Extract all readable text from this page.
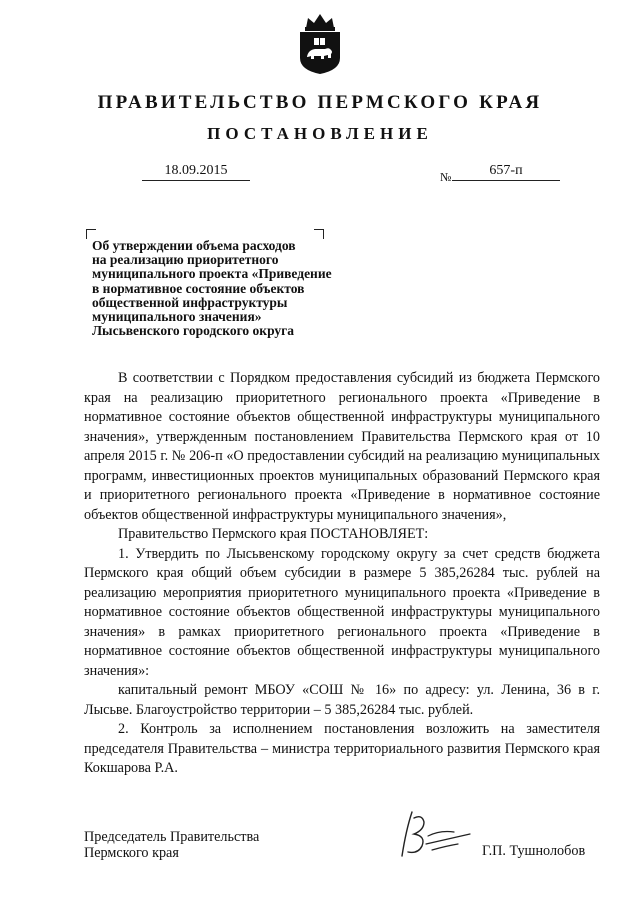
ПРАВИТЕЛЬСТВО ПЕРМСКОГО КРАЯ
ПОСТАНОВЛЕНИЕ
18.09.2015	№	657-п
Об утверждении объема расходов
на реализацию приоритетного
муниципального проекта «Приведение
в нормативное состояние объектов
общественной инфраструктуры
муниципального значения»
Лысьвенского городского округа

В соответствии с Порядком предоставления субсидий из бюджета Пермского края на реализацию приоритетного регионального проекта «Приведение в нормативное состояние объектов общественной инфраструктуры муниципального значения», утвержденным постановлением Правительства Пермского края от 10 апреля 2015 г. № 206-п «О предоставлении субсидий на реализацию муниципальных программ, инвестиционных проектов муниципальных образований Пермского края и приоритетного регионального проекта «Приведение в нормативное состояние объектов общественной инфраструктуры муниципального значения»,

Правительство Пермского края ПОСТАНОВЛЯЕТ:

1. Утвердить по Лысьвенскому городскому округу за счет средств бюджета Пермского края общий объем субсидии в размере 5 385,26284 тыс. рублей на реализацию мероприятия приоритетного муниципального проекта «Приведение в нормативное состояние объектов общественной инфраструктуры муниципального значения» в рамках приоритетного регионального проекта «Приведение в нормативное состояние объектов общественной инфраструктуры муниципального значения»:

капитальный ремонт МБОУ «СОШ № 16» по адресу: ул. Ленина, 36 в г. Лысьве. Благоустройство территории – 5 385,26284 тыс. рублей.

2. Контроль за исполнением постановления возложить на заместителя председателя Правительства – министра территориального развития Пермского края Кокшарова Р.А.

Председатель Правительства
Пермского края	Г.П. Тушнолобов
